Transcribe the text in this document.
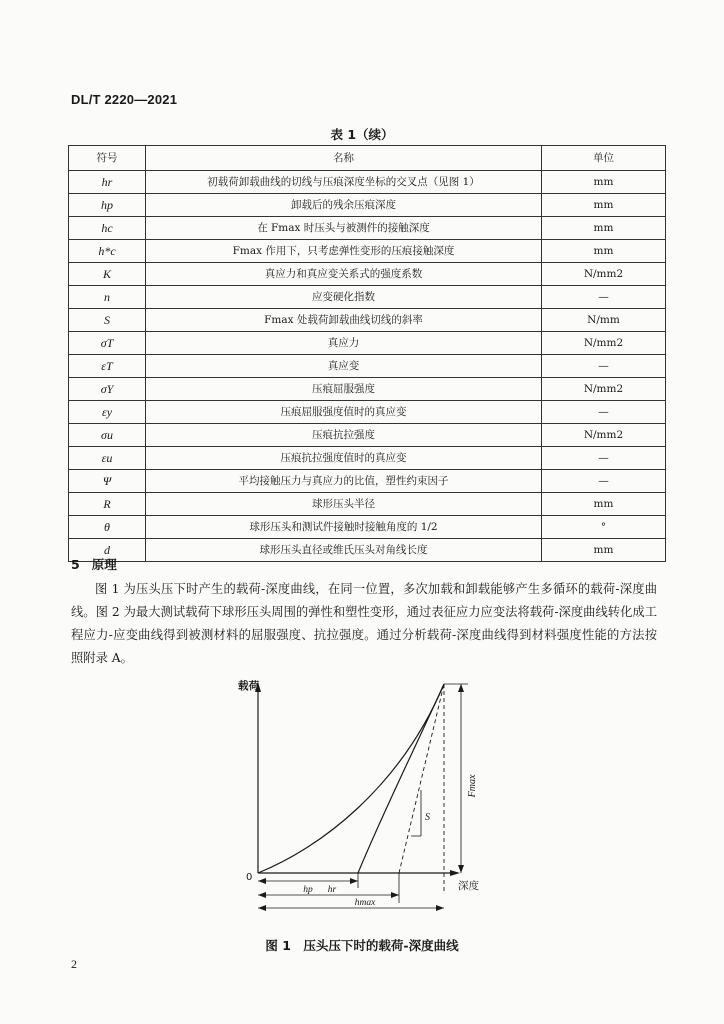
DL/T 2220—2021
表 1（续）
符号	名称	单位
hr	初载荷卸载曲线的切线与压痕深度坐标的交叉点（见图 1）	mm
hp	卸载后的残余压痕深度	mm
hc	在 Fmax 时压头与被测件的接触深度	mm
h*c	Fmax 作用下，只考虑弹性变形的压痕接触深度	mm
K	真应力和真应变关系式的强度系数	N/mm2
n	应变硬化指数	—
S	Fmax 处载荷卸载曲线切线的斜率	N/mm
σT	真应力	N/mm2
εT	真应变	—
σY	压痕屈服强度	N/mm2
εy	压痕屈服强度值时的真应变	—
σu	压痕抗拉强度	N/mm2
εu	压痕抗拉强度值时的真应变	—
Ψ	平均接触压力与真应力的比值，塑性约束因子	—
R	球形压头半径	mm
θ	球形压头和测试件接触时接触角度的 1/2	°
d	球形压头直径或维氏压头对角线长度	mm
5 原理
图 1 为压头压下时产生的载荷-深度曲线，在同一位置，多次加载和卸载能够产生多循环的载荷-深度曲线。图 2 为最大测试载荷下球形压头周围的弹性和塑性变形，通过表征应力应变法将载荷-深度曲线转化成工程应力-应变曲线得到被测材料的屈服强度、抗拉强度。通过分析载荷-深度曲线得到材料强度性能的方法按照附录 A。
载荷
深度
0
S
Fmax
hp hr
hmax
图 1　压头压下时的载荷-深度曲线
2
